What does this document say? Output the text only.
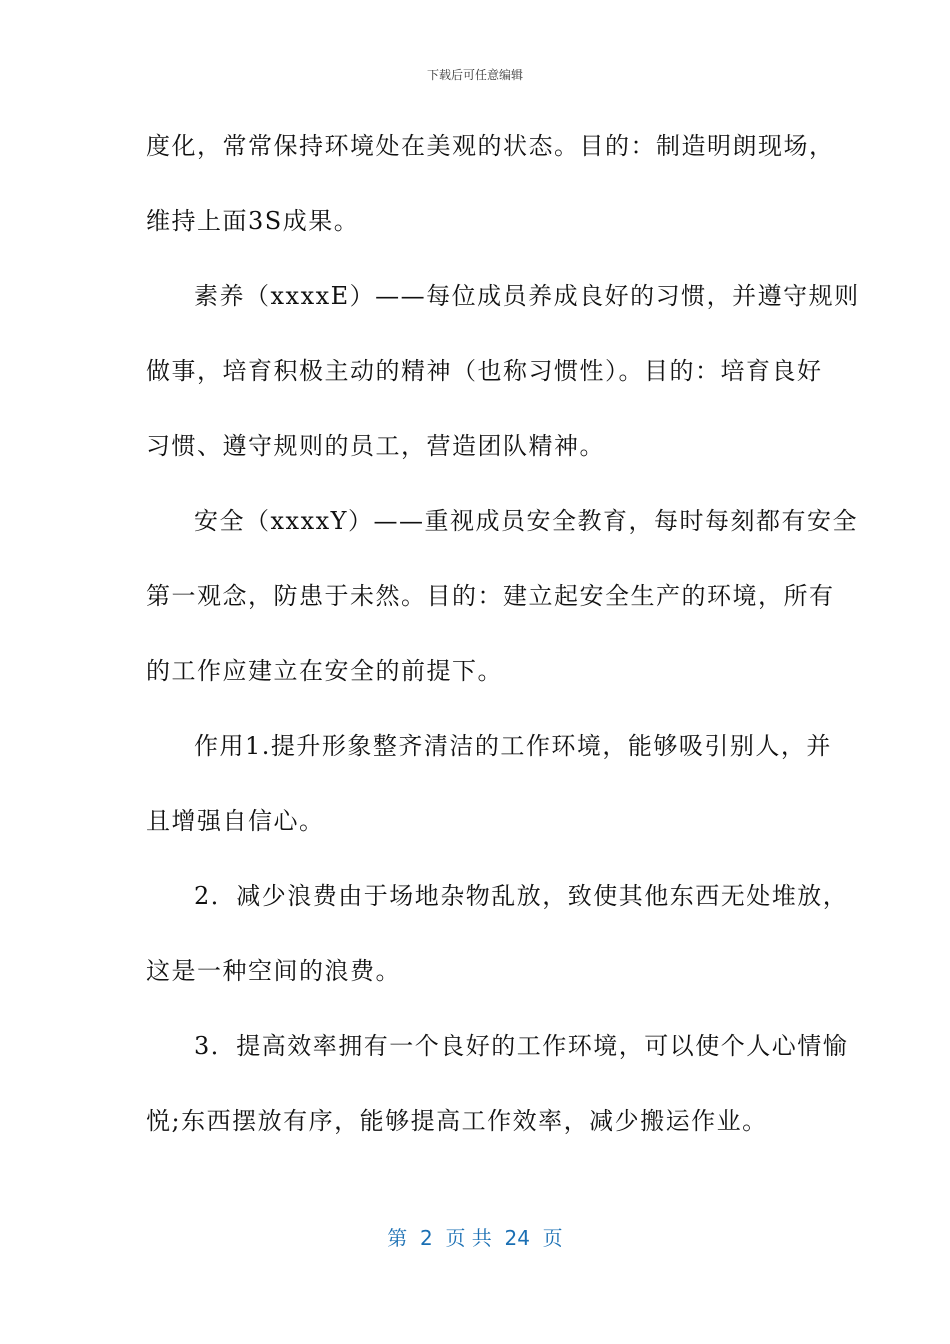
下载后可任意编辑
度化，常常保持环境处在美观的状态。目的：制造明朗现场，
维持上面3S成果。
素养（xxxxE）——每位成员养成良好的习惯，并遵守规则
做事，培育积极主动的精神（也称习惯性）。目的：培育良好
习惯、遵守规则的员工，营造团队精神。
安全（xxxxY）——重视成员安全教育，每时每刻都有安全
第一观念，防患于未然。目的：建立起安全生产的环境，所有
的工作应建立在安全的前提下。
作用1.提升形象整齐清洁的工作环境，能够吸引别人，并
且增强自信心。
2．减少浪费由于场地杂物乱放，致使其他东西无处堆放，
这是一种空间的浪费。
3．提高效率拥有一个良好的工作环境，可以使个人心情愉
悦;东西摆放有序，能够提高工作效率，减少搬运作业。
第  2  页 共  24  页
